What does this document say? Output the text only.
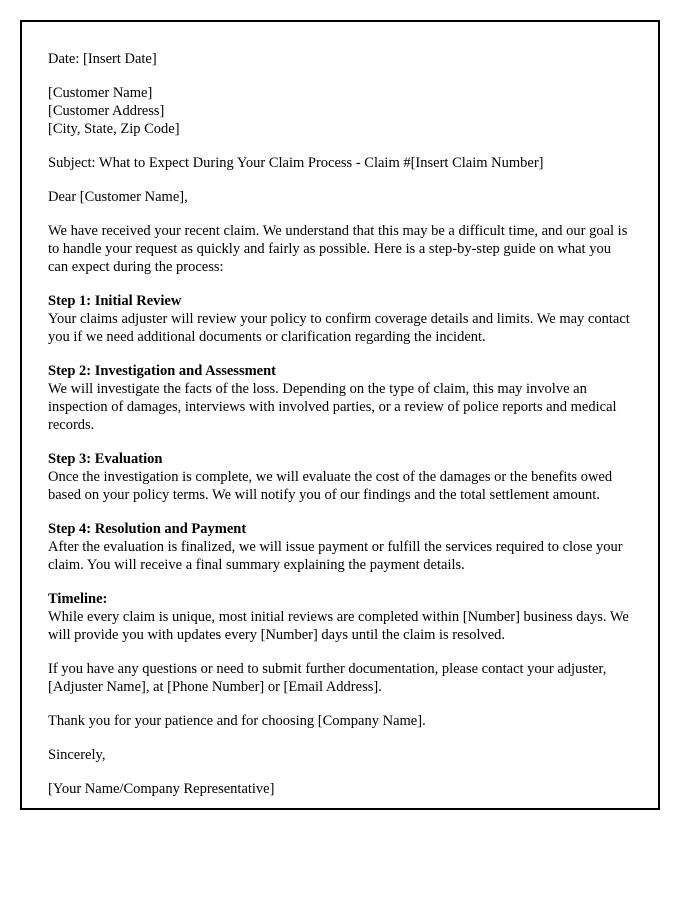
Date: [Insert Date]
[Customer Name]
[Customer Address]
[City, State, Zip Code]
Subject: What to Expect During Your Claim Process - Claim #[Insert Claim Number]
Dear [Customer Name],
We have received your recent claim. We understand that this may be a difficult time, and our goal is to handle your request as quickly and fairly as possible. Here is a step-by-step guide on what you can expect during the process:
Step 1: Initial Review
Your claims adjuster will review your policy to confirm coverage details and limits. We may contact you if we need additional documents or clarification regarding the incident.
Step 2: Investigation and Assessment
We will investigate the facts of the loss. Depending on the type of claim, this may involve an inspection of damages, interviews with involved parties, or a review of police reports and medical records.
Step 3: Evaluation
Once the investigation is complete, we will evaluate the cost of the damages or the benefits owed based on your policy terms. We will notify you of our findings and the total settlement amount.
Step 4: Resolution and Payment
After the evaluation is finalized, we will issue payment or fulfill the services required to close your claim. You will receive a final summary explaining the payment details.
Timeline:
While every claim is unique, most initial reviews are completed within [Number] business days. We will provide you with updates every [Number] days until the claim is resolved.
If you have any questions or need to submit further documentation, please contact your adjuster, [Adjuster Name], at [Phone Number] or [Email Address].
Thank you for your patience and for choosing [Company Name].
Sincerely,
[Your Name/Company Representative]
